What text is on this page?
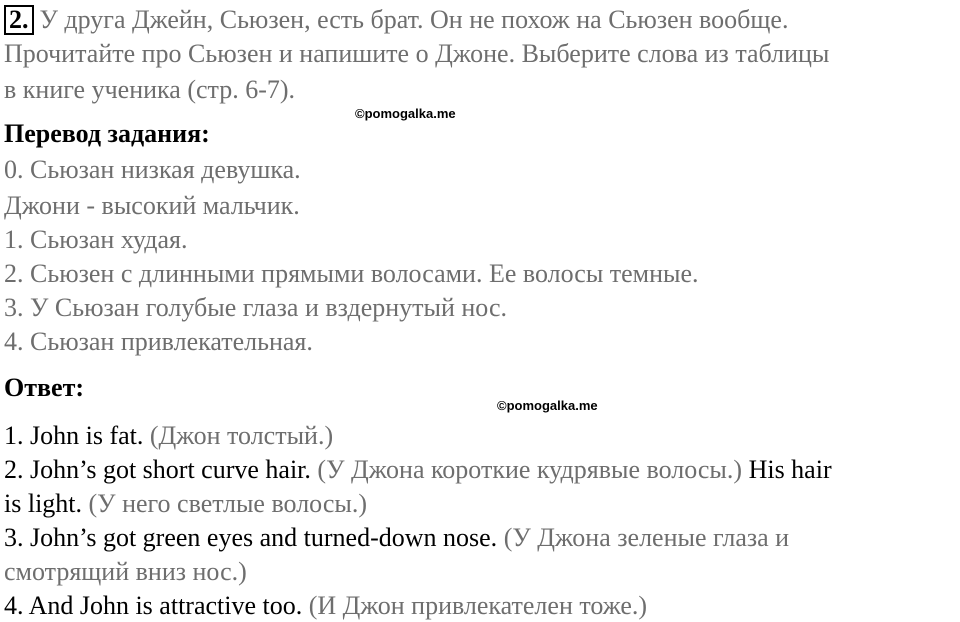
2. У друга Джейн, Сьюзен, есть брат. Он не похож на Сьюзен вообще.
Прочитайте про Сьюзен и напишите о Джоне. Выберите слова из таблицы
в книге ученика (стр. 6-7).
©pomogalka.me
Перевод задания:
0. Сьюзан низкая девушка.
Джони - высокий мальчик.
1. Сьюзан худая.
2. Сьюзен с длинными прямыми волосами. Ее волосы темные.
3. У Сьюзан голубые глаза и вздернутый нос.
4. Сьюзан привлекательная.
Ответ:
©pomogalka.me
1. John is fat. (Джон толстый.)
2. John’s got short curve hair. (У Джона короткие кудрявые волосы.) His hair
is light. (У него светлые волосы.)
3. John’s got green eyes and turned-down nose. (У Джона зеленые глаза и
смотрящий вниз нос.)
4. And John is attractive too. (И Джон привлекателен тоже.)
